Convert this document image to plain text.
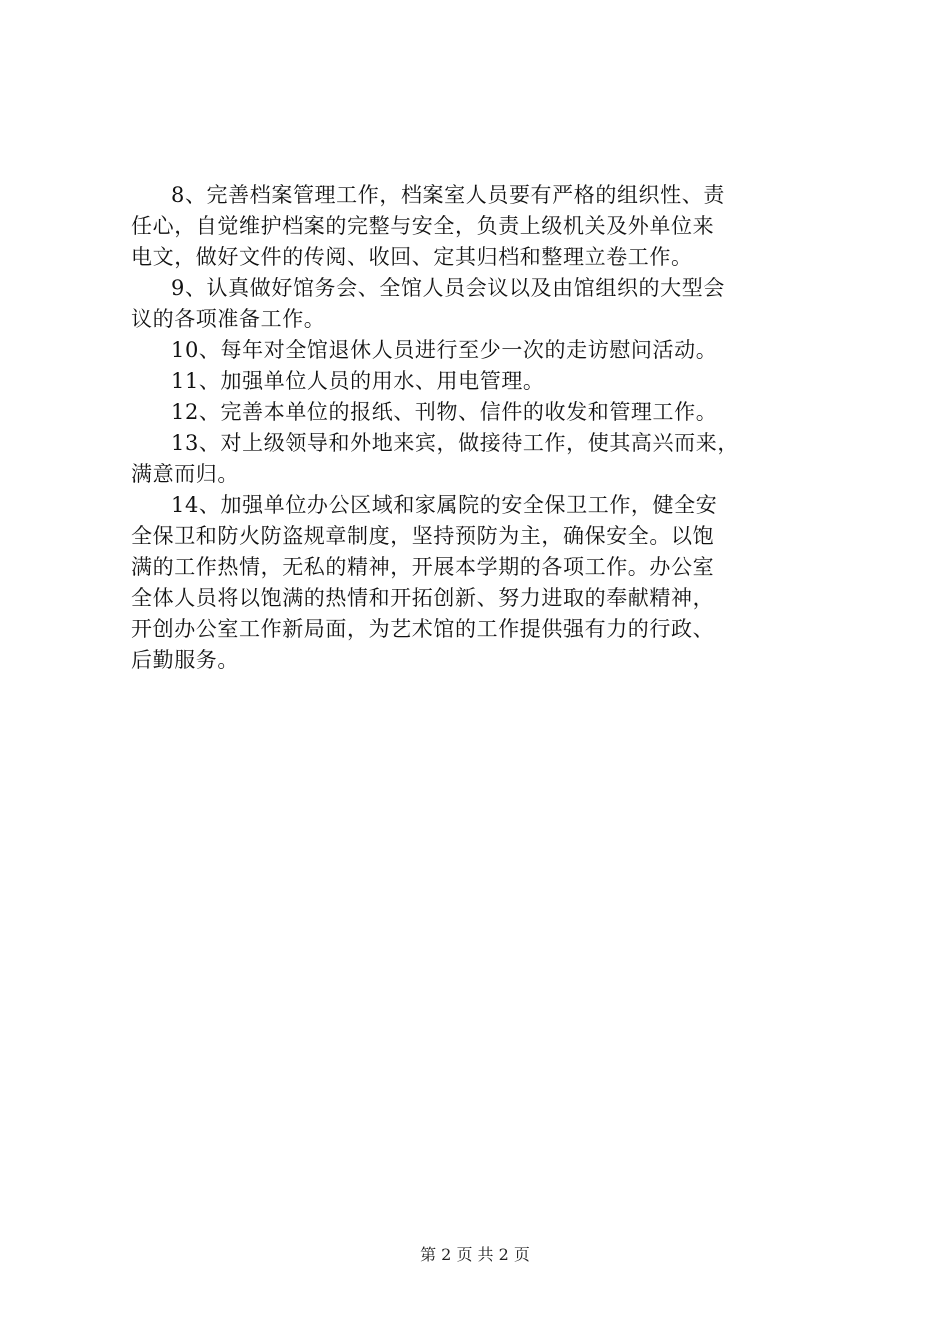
8、完善档案管理工作，档案室人员要有严格的组织性、责
任心，自觉维护档案的完整与安全，负责上级机关及外单位来
电文，做好文件的传阅、收回、定其归档和整理立卷工作。
9、认真做好馆务会、全馆人员会议以及由馆组织的大型会
议的各项准备工作。
10、每年对全馆退休人员进行至少一次的走访慰问活动。
11、加强单位人员的用水、用电管理。
12、完善本单位的报纸、刊物、信件的收发和管理工作。
13、对上级领导和外地来宾，做接待工作，使其高兴而来，
满意而归。
14、加强单位办公区域和家属院的安全保卫工作，健全安
全保卫和防火防盗规章制度，坚持预防为主，确保安全。以饱
满的工作热情，无私的精神，开展本学期的各项工作。办公室
全体人员将以饱满的热情和开拓创新、努力进取的奉献精神，
开创办公室工作新局面，为艺术馆的工作提供强有力的行政、
后勤服务。
第 2 页 共 2 页
